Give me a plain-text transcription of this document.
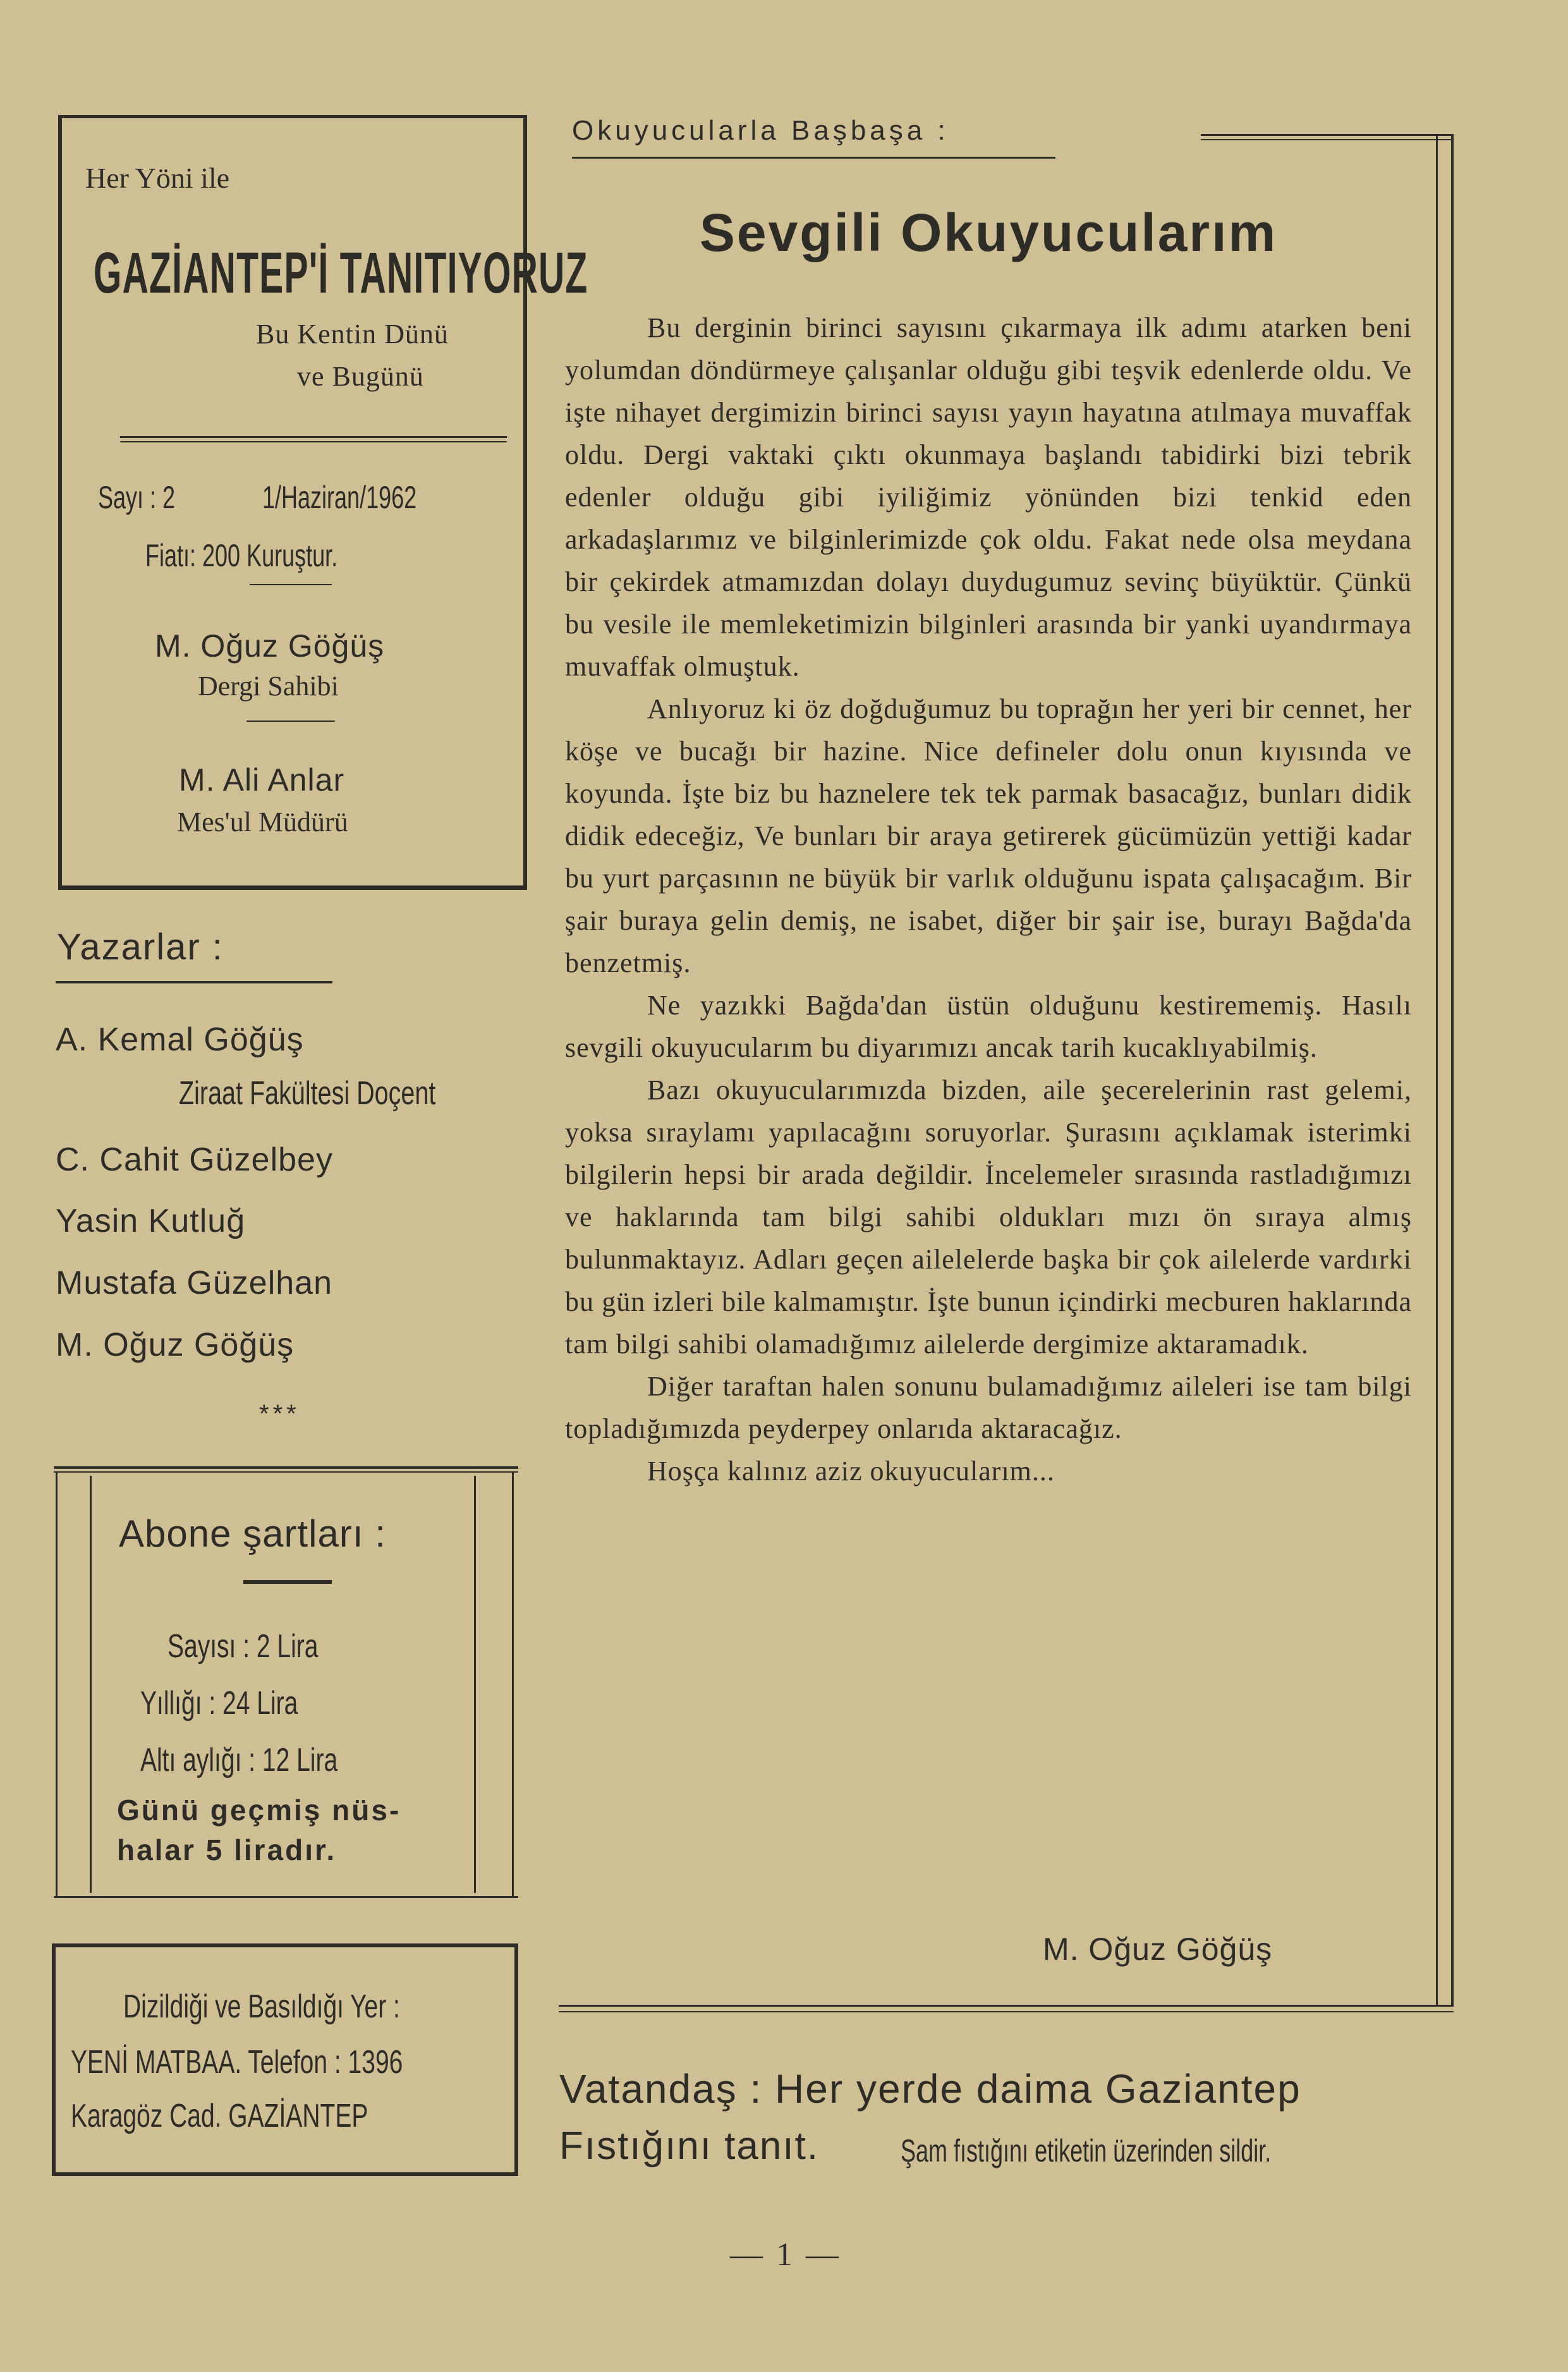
Her Yöni ile
GAZİANTEP'İ TANITIYORUZ
Bu Kentin Dünü
ve Bugünü
Sayı : 2	1/Haziran/1962
Fiatı: 200 Kuruştur.
M. Oğuz Göğüş
Dergi Sahibi
M. Ali Anlar
Mes'ul Müdürü
Yazarlar :
A. Kemal Göğüş
Ziraat Fakültesi Doçent
C. Cahit Güzelbey
Yasin Kutluğ
Mustafa Güzelhan
M. Oğuz Göğüş
***
Abone şartları :
Sayısı : 2 Lira
Yıllığı : 24 Lira
Altı aylığı : 12 Lira
Günü geçmiş nüs-
halar 5 liradır.
Dizildiği ve Basıldığı Yer :
YENİ MATBAA. Telefon : 1396
Karagöz Cad. GAZİANTEP
Okuyucularla Başbaşa :
Sevgili Okuyucularım

Bu derginin birinci sayısını çıkarmaya ilk adımı atarken beni yolumdan döndürmeye çalışanlar olduğu gibi teşvik edenlerde oldu. Ve işte nihayet dergimizin birinci sayısı yayın hayatına atılmaya muvaffak oldu. Dergi vaktaki çıktı okunmaya başlandı tabidirki bizi tebrik edenler olduğu gibi iyiliğimiz yönünden bizi tenkid eden arkadaşlarımız ve bilginlerimizde çok oldu. Fakat nede olsa meydana bir çekirdek atmamızdan dolayı duydugumuz sevinç büyüktür. Çünkü bu vesile ile memleketimizin bilginleri arasında bir yanki uyandırmaya muvaffak olmuştuk.

Anlıyoruz ki öz doğduğumuz bu toprağın her yeri bir cennet, her köşe ve bucağı bir hazine. Nice defineler dolu onun kıyısında ve koyunda. İşte biz bu haznelere tek tek parmak basacağız, bunları didik didik edeceğiz, Ve bunları bir araya getirerek gücümüzün yettiği kadar bu yurt parçasının ne büyük bir varlık olduğunu ispata çalışacağım. Bir şair buraya gelin demiş, ne isabet, diğer bir şair ise, burayı Bağda'da benzetmiş.

Ne yazıkki Bağda'dan üstün olduğunu kestirememiş. Hasılı sevgili okuyucularım bu diyarımızı ancak tarih kucaklıyabilmiş.

Bazı okuyucularımızda bizden, aile şecerelerinin rast gelemi, yoksa sıraylamı yapılacağını soruyorlar. Şurasını açıklamak isterimki bilgilerin hepsi bir arada değildir. İncelemeler sırasında rastladığımızı ve haklarında tam bilgi sahibi oldukları mızı ön sıraya almış bulunmaktayız. Adları geçen ailelelerde başka bir çok ailelerde vardırki bu gün izleri bile kalmamıştır. İşte bunun içindirki mecburen haklarında tam bilgi sahibi olamadığımız ailelerde dergimize aktaramadık.

Diğer taraftan halen sonunu bulamadığımız aileleri ise tam bilgi topladığımızda peyderpey onlarıda aktaracağız.

Hoşça kalınız aziz okuyucularım...

M. Oğuz Göğüş
Vatandaş : Her yerde daima Gaziantep
Fıstığını tanıt.	Şam fıstığını etiketin üzerinden sildir.
— 1 —
